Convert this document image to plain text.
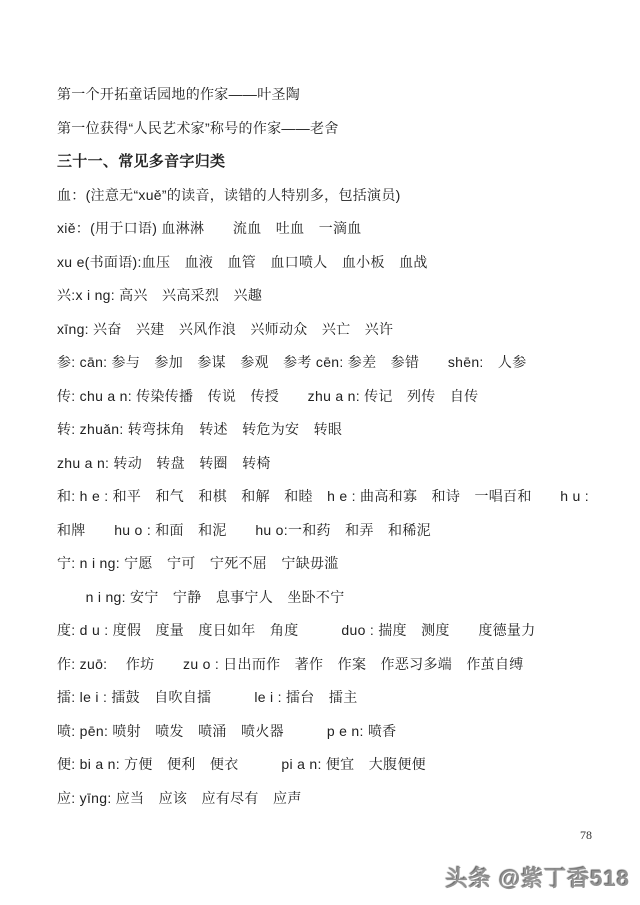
第一个开拓童话园地的作家——叶圣陶

第一位获得“人民艺术家”称号的作家——老舍

三十一、常见多音字归类

血：(注意无“xuě”的读音，读错的人特别多，包括演员)

xiě：(用于口语) 血淋淋　　流血　吐血　一滴血

xu e(书面语):血压　血液　血管　血口喷人　血小板　血战

兴:x i ng: 高兴　兴高采烈　兴趣

xīng: 兴奋　兴建　兴风作浪　兴师动众　兴亡　兴许

参: cān: 参与　参加　参谋　参观　参考 cēn: 参差　参错　　shēn:　人参

传: chu a n: 传染传播　传说　传授　　zhu a n: 传记　列传　自传

转: zhuǎn: 转弯抹角　转述　转危为安　转眼

zhu a n: 转动　转盘　转圈　转椅

和: h e : 和平　和气　和棋　和解　和睦　h e : 曲高和寡　和诗　一唱百和　　h u :

和牌　　hu o : 和面　和泥　　hu o:一和药　和弄　和稀泥

宁: n i ng: 宁愿　宁可　宁死不屈　宁缺毋滥

　　n i ng: 安宁　宁静　息事宁人　坐卧不宁

度: d u : 度假　度量　度日如年　角度　　　duo : 揣度　测度　　度德量力

作: zuō: 　作坊　　zu o : 日出而作　著作　作案　作恶习多端　作茧自缚

擂: le i : 擂鼓　自吹自擂　　　le i : 擂台　擂主

喷: pēn: 喷射　喷发　喷涌　喷火器　　　p e n: 喷香

便: bi a n: 方便　便利　便衣　　　pi a n: 便宜　大腹便便

应: yīng: 应当　应该　应有尽有　应声

78
头条 @紫丁香518
